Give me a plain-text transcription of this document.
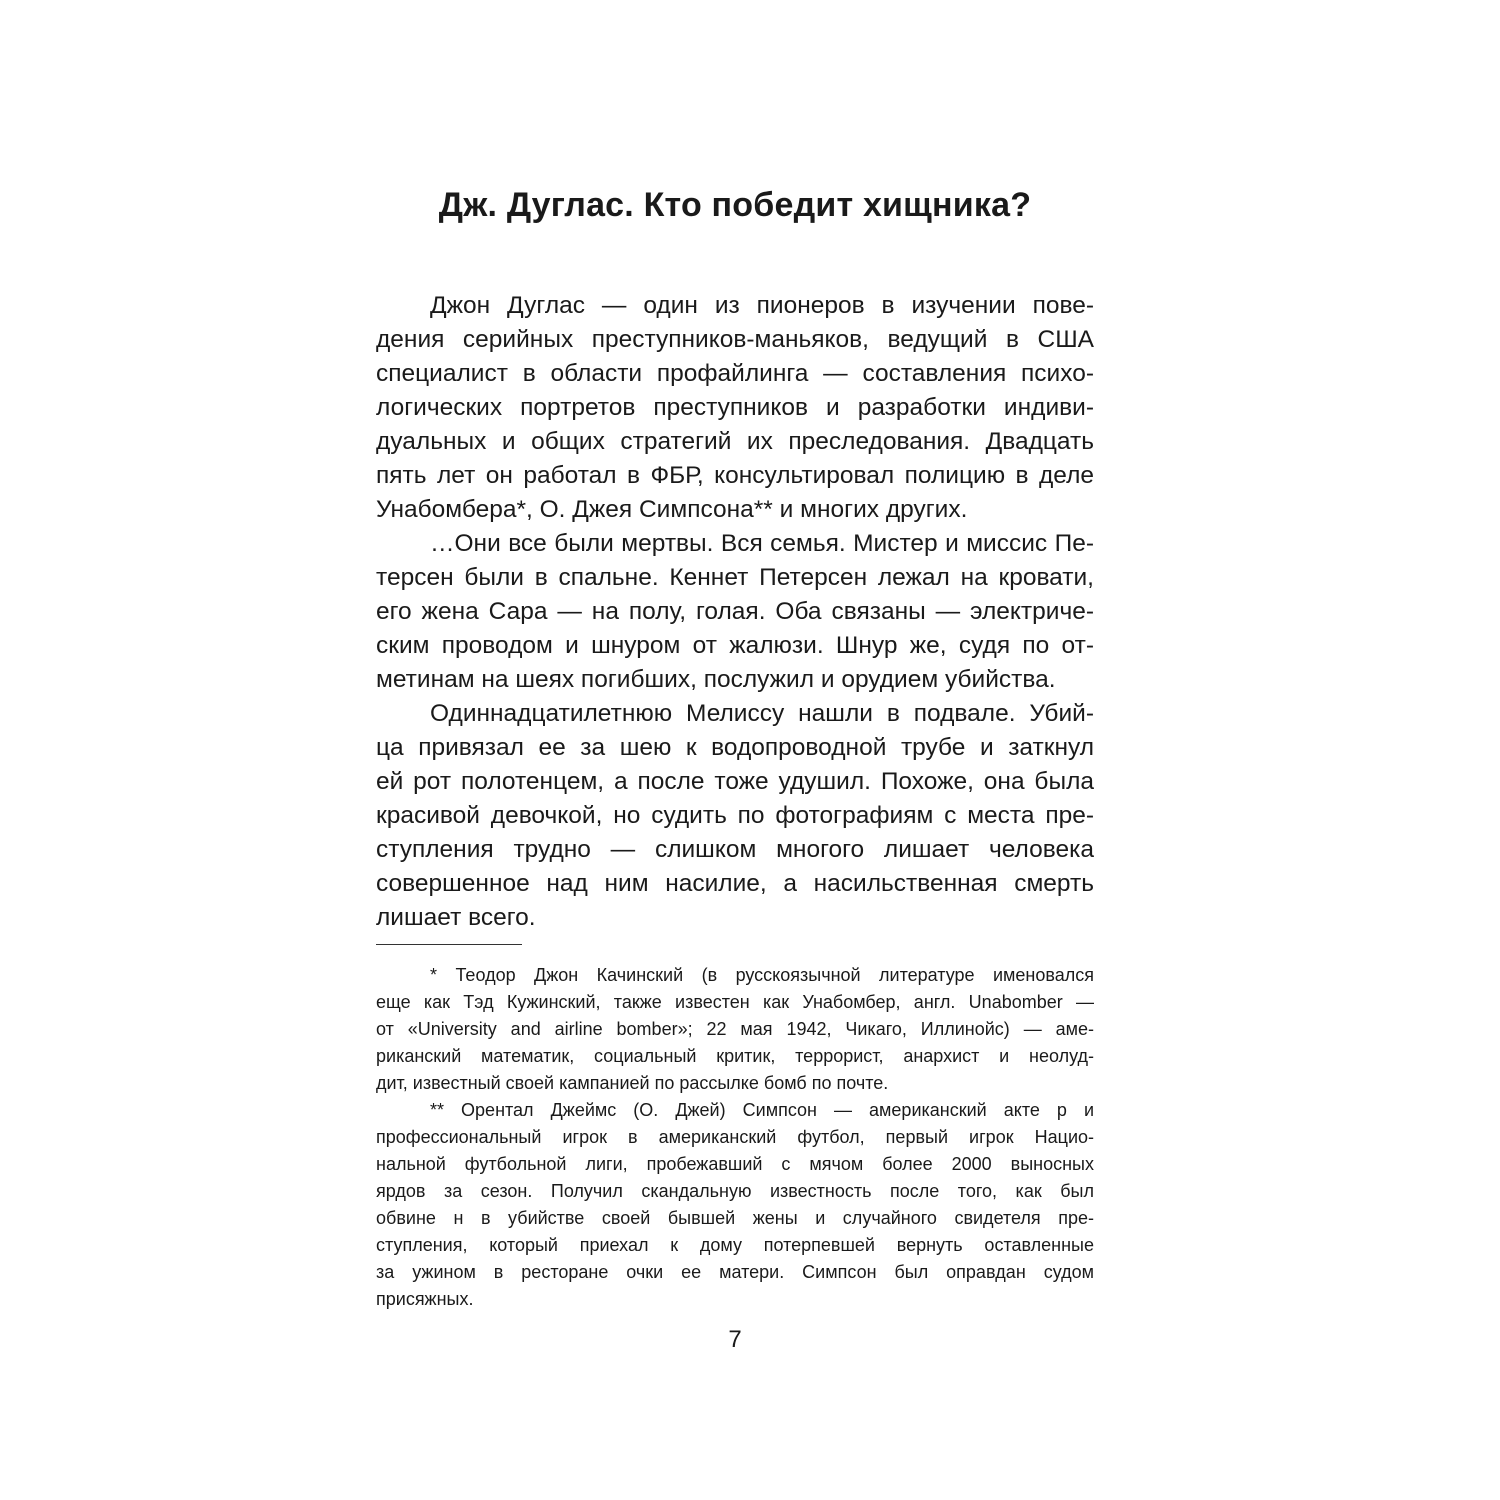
Дж. Дуглас. Кто победит хищника?
Джон Дуглас — один из пионеров в изучении пове-
дения серийных преступников-маньяков, ведущий в США
специалист в области профайлинга — составления психо-
логических портретов преступников и разработки индиви-
дуальных и общих стратегий их преследования. Двадцать
пять лет он работал в ФБР, консультировал полицию в деле
Унабомбера*, О. Джея Симпсона** и многих других.
…Они все были мертвы. Вся семья. Мистер и миссис Пе-
терсен были в спальне. Кеннет Петерсен лежал на кровати,
его жена Сара — на полу, голая. Оба связаны — электриче-
ским проводом и шнуром от жалюзи. Шнур же, судя по от-
метинам на шеях погибших, послужил и орудием убийства.
Одиннадцатилетнюю Мелиссу нашли в подвале. Убий-
ца привязал ее за шею к водопроводной трубе и заткнул
ей рот полотенцем, а после тоже удушил. Похоже, она была
красивой девочкой, но судить по фотографиям с места пре-
ступления трудно — слишком многого лишает человека
совершенное над ним насилие, а насильственная смерть
лишает всего.
* Теодор Джон Качинский (в русскоязычной литературе именовался
еще как Тэд Кужинский, также известен как Унабомбер, англ. Unabomber —
от «University and airline bomber»; 22 мая 1942, Чикаго, Иллинойс) — аме-
риканский математик, социальный критик, террорист, анархист и неолуд-
дит, известный своей кампанией по рассылке бомб по почте.
** Орентал Джеймс (О. Джей) Симпсон — американский акте р и
профессиональный игрок в американский футбол, первый игрок Нацио-
нальной футбольной лиги, пробежавший с мячом более 2000 выносных
ярдов за сезон. Получил скандальную известность после того, как был
обвине н в убийстве своей бывшей жены и случайного свидетеля пре-
ступления, который приехал к дому потерпевшей вернуть оставленные
за ужином в ресторане очки ее матери. Симпсон был оправдан судом
присяжных.
7
